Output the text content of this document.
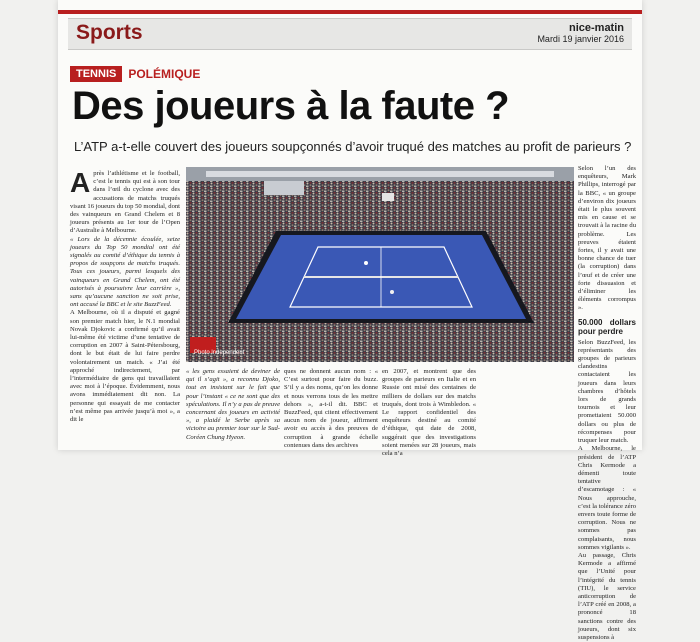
Sports	nice-matin
Mardi 19 janvier 2016
TENNIS	POLÉMIQUE
Des joueurs à la faute ?
L’ATP a-t-elle couvert des joueurs soupçonnés d’avoir truqué des matches au profit de parieurs ?
A près l’athlétisme et le football, c’est le tennis qui est à son tour dans l’œil du cyclone avec des accusations de matchs truqués visant 16 joueurs du top 50 mondial, dont des vainqueurs en Grand Chelem et 8 joueurs présents au 1er tour de l’Open d’Australie à Melbourne.
« Lors de la décennie écoulée, seize joueurs du Top 50 mondial ont été signalés au comité d’éthique du tennis à propos de soupçons de matchs truqués. Tous ces joueurs, parmi lesquels des vainqueurs en Grand Chelem, ont été autorisés à poursuivre leur carrière », sans qu’aucune sanction ne soit prise, ont accusé la BBC et le site BuzzFeed.
A Melbourne, où il a disputé et gagné son premier match hier, le N.1 mondial Novak Djokovic a confirmé qu’il avait lui-même été victime d’une tentative de corruption en 2007 à Saint-Pétersbourg, dont le but était de lui faire perdre volontairement un match. « J’ai été approché indirectement, par l’intermédiaire de gens qui travaillaient avec moi à l’époque. Évidemment, nous avons immédiatement dit non. La personne qui essayait de me contacter n’est même pas arrivée jusqu’à moi », a dit le
Photo lndependent
« les gens essaient de deviner de qui il s’agit », a reconnu Djoko, tout en insistant sur le fait que pour l’instant « ce ne sont que des spéculations. Il n’y a pas de preuve concernant des joueurs en activité », a plaidé le Serbe après sa victoire au premier tour sur le Sud-Coréen Chung Hyeon.
ques ne donnent aucun nom : « C’est surtout pour faire du buzz. S’il y a des noms, qu’on les donne et nous verrons tous de les mettre dehors », a-t-il dit. BBC et BuzzFeed, qui citent effectivement aucun nom de joueur, affirment avoir eu accès à des preuves de corruption à grande échelle contenues dans des archives
en 2007, et montrent que des groupes de parieurs en Italie et en Russie ont misé des centaines de milliers de dollars sur des matchs truqués, dont trois à Wimbledon. « Le rapport confidentiel des enquêteurs destiné au comité d’éthique, qui date de 2008, suggérait que des investigations soient menées sur 28 joueurs, mais cela n’a
Selon l’un des enquêteurs, Mark Phillips, interrogé par la BBC, « un groupe d’environ dix joueurs était le plus souvent mis en cause et se trouvait à la racine du problème. Les preuves étaient fortes, il y avait une bonne chance de tuer (la corruption) dans l’œuf et de créer une forte dissuasion et d’éliminer les éléments corrompus ».
50.000 dollars pour perdre
Selon BuzzFeed, les représentants des groupes de parieurs clandestins contactaient les joueurs dans leurs chambres d’hôtels lors de grands tournois et leur promettaient 50.000 dollars ou plus de récompenses pour truquer leur match.
A Melbourne, le président de l’ATP Chris Kermode a démenti toute tentative d’escamotage : « Nous approuche, c’est la tolérance zéro envers toute forme de corruption. Nous ne sommes pas complaisants, nous sommes vigilants ».
Au passage, Chris Kermode a affirmé que l’Unité pour l’intégrité du tennis (TIU), le service anticorruption de l’ATP créé en 2008, a prononcé 18 sanctions contre des joueurs, dont six suspensions à
